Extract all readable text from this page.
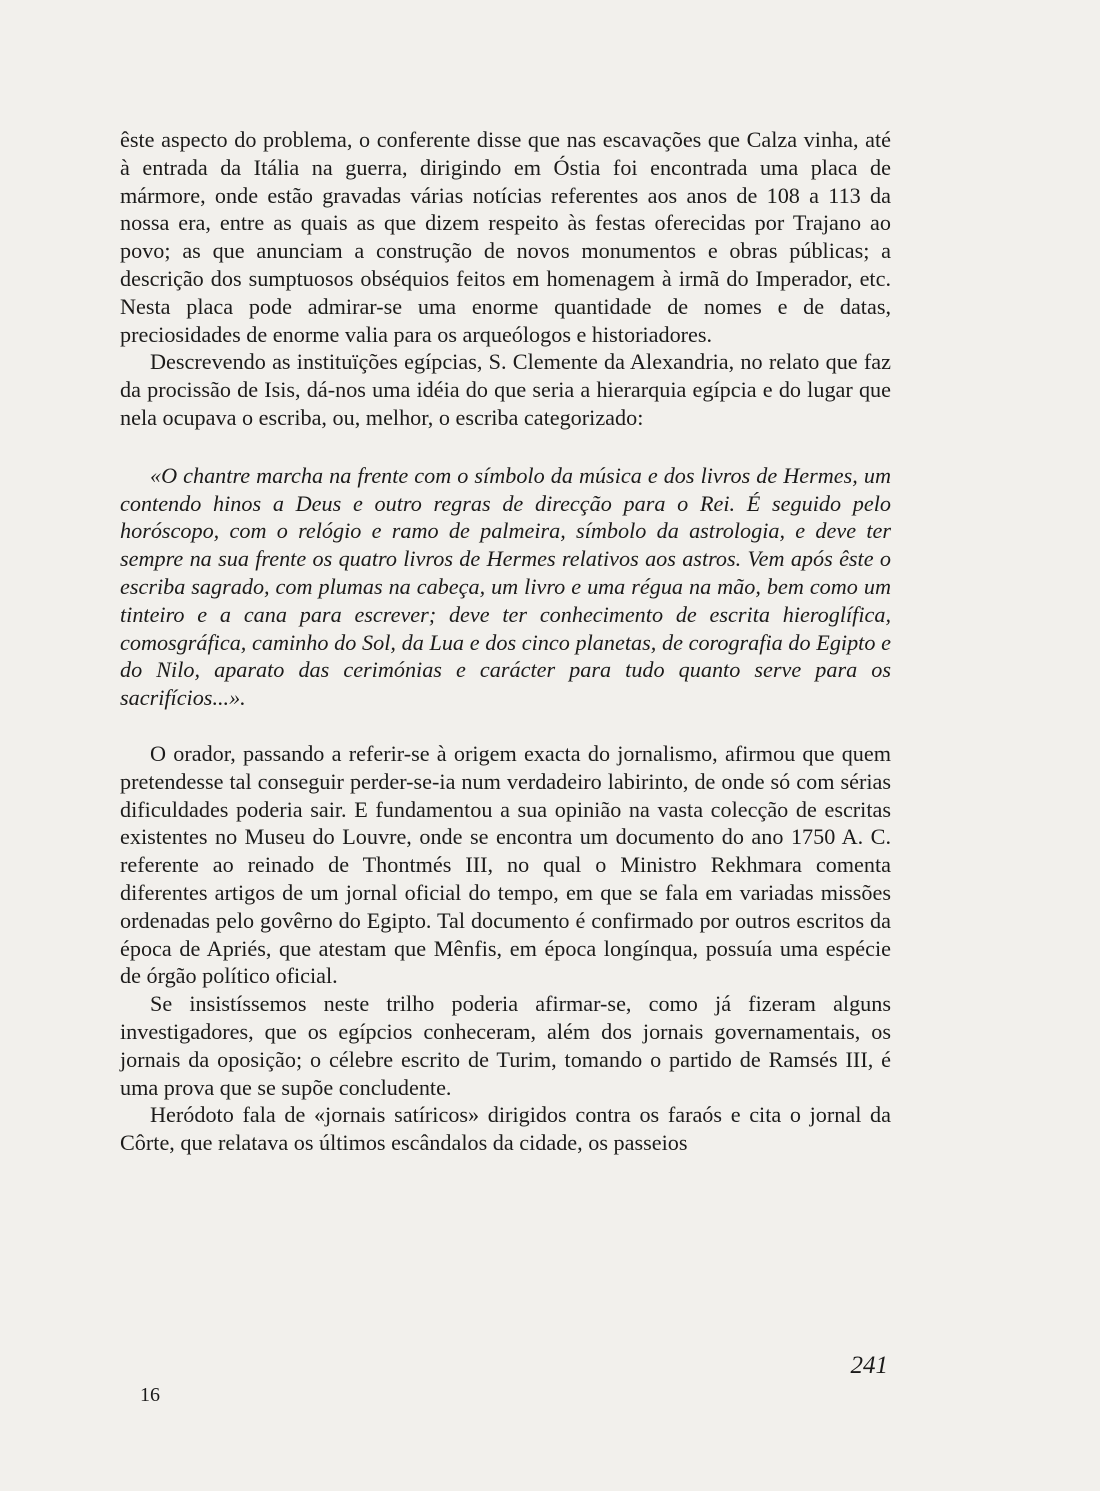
êste aspecto do problema, o conferente disse que nas escavações que Calza vinha, até à entrada da Itália na guerra, dirigindo em Óstia foi encontrada uma placa de mármore, onde estão gravadas várias notícias referentes aos anos de 108 a 113 da nossa era, entre as quais as que dizem respeito às festas oferecidas por Trajano ao povo; as que anunciam a construção de novos monumentos e obras públicas; a descrição dos sumptuosos obséquios feitos em homenagem à irmã do Imperador, etc. Nesta placa pode admirar-se uma enorme quantidade de nomes e de datas, preciosidades de enorme valia para os arqueólogos e historiadores.

Descrevendo as instituïções egípcias, S. Clemente da Alexandria, no relato que faz da procissão de Isis, dá-nos uma idéia do que seria a hierarquia egípcia e do lugar que nela ocupava o escriba, ou, melhor, o escriba categorizado:

«O chantre marcha na frente com o símbolo da música e dos livros de Hermes, um contendo hinos a Deus e outro regras de direcção para o Rei. É seguido pelo horóscopo, com o relógio e ramo de palmeira, símbolo da astrologia, e deve ter sempre na sua frente os quatro livros de Hermes relativos aos astros. Vem após êste o escriba sagrado, com plumas na cabeça, um livro e uma régua na mão, bem como um tinteiro e a cana para escrever; deve ter conhecimento de escrita hieroglífica, comosgráfica, caminho do Sol, da Lua e dos cinco planetas, de corografia do Egipto e do Nilo, aparato das cerimónias e carácter para tudo quanto serve para os sacrifícios...».

O orador, passando a referir-se à origem exacta do jornalismo, afirmou que quem pretendesse tal conseguir perder-se-ia num verdadeiro labirinto, de onde só com sérias dificuldades poderia sair. E fundamentou a sua opinião na vasta colecção de escritas existentes no Museu do Louvre, onde se encontra um documento do ano 1750 A. C. referente ao reinado de Thontmés III, no qual o Ministro Rekhmara comenta diferentes artigos de um jornal oficial do tempo, em que se fala em variadas missões ordenadas pelo govêrno do Egipto. Tal documento é confirmado por outros escritos da época de Apriés, que atestam que Mênfis, em época longínqua, possuía uma espécie de órgão político oficial.

Se insistíssemos neste trilho poderia afirmar-se, como já fizeram alguns investigadores, que os egípcios conheceram, além dos jornais governamentais, os jornais da oposição; o célebre escrito de Turim, tomando o partido de Ramsés III, é uma prova que se supõe concludente.

Heródoto fala de «jornais satíricos» dirigidos contra os faraós e cita o jornal da Côrte, que relatava os últimos escândalos da cidade, os passeios

241
16
